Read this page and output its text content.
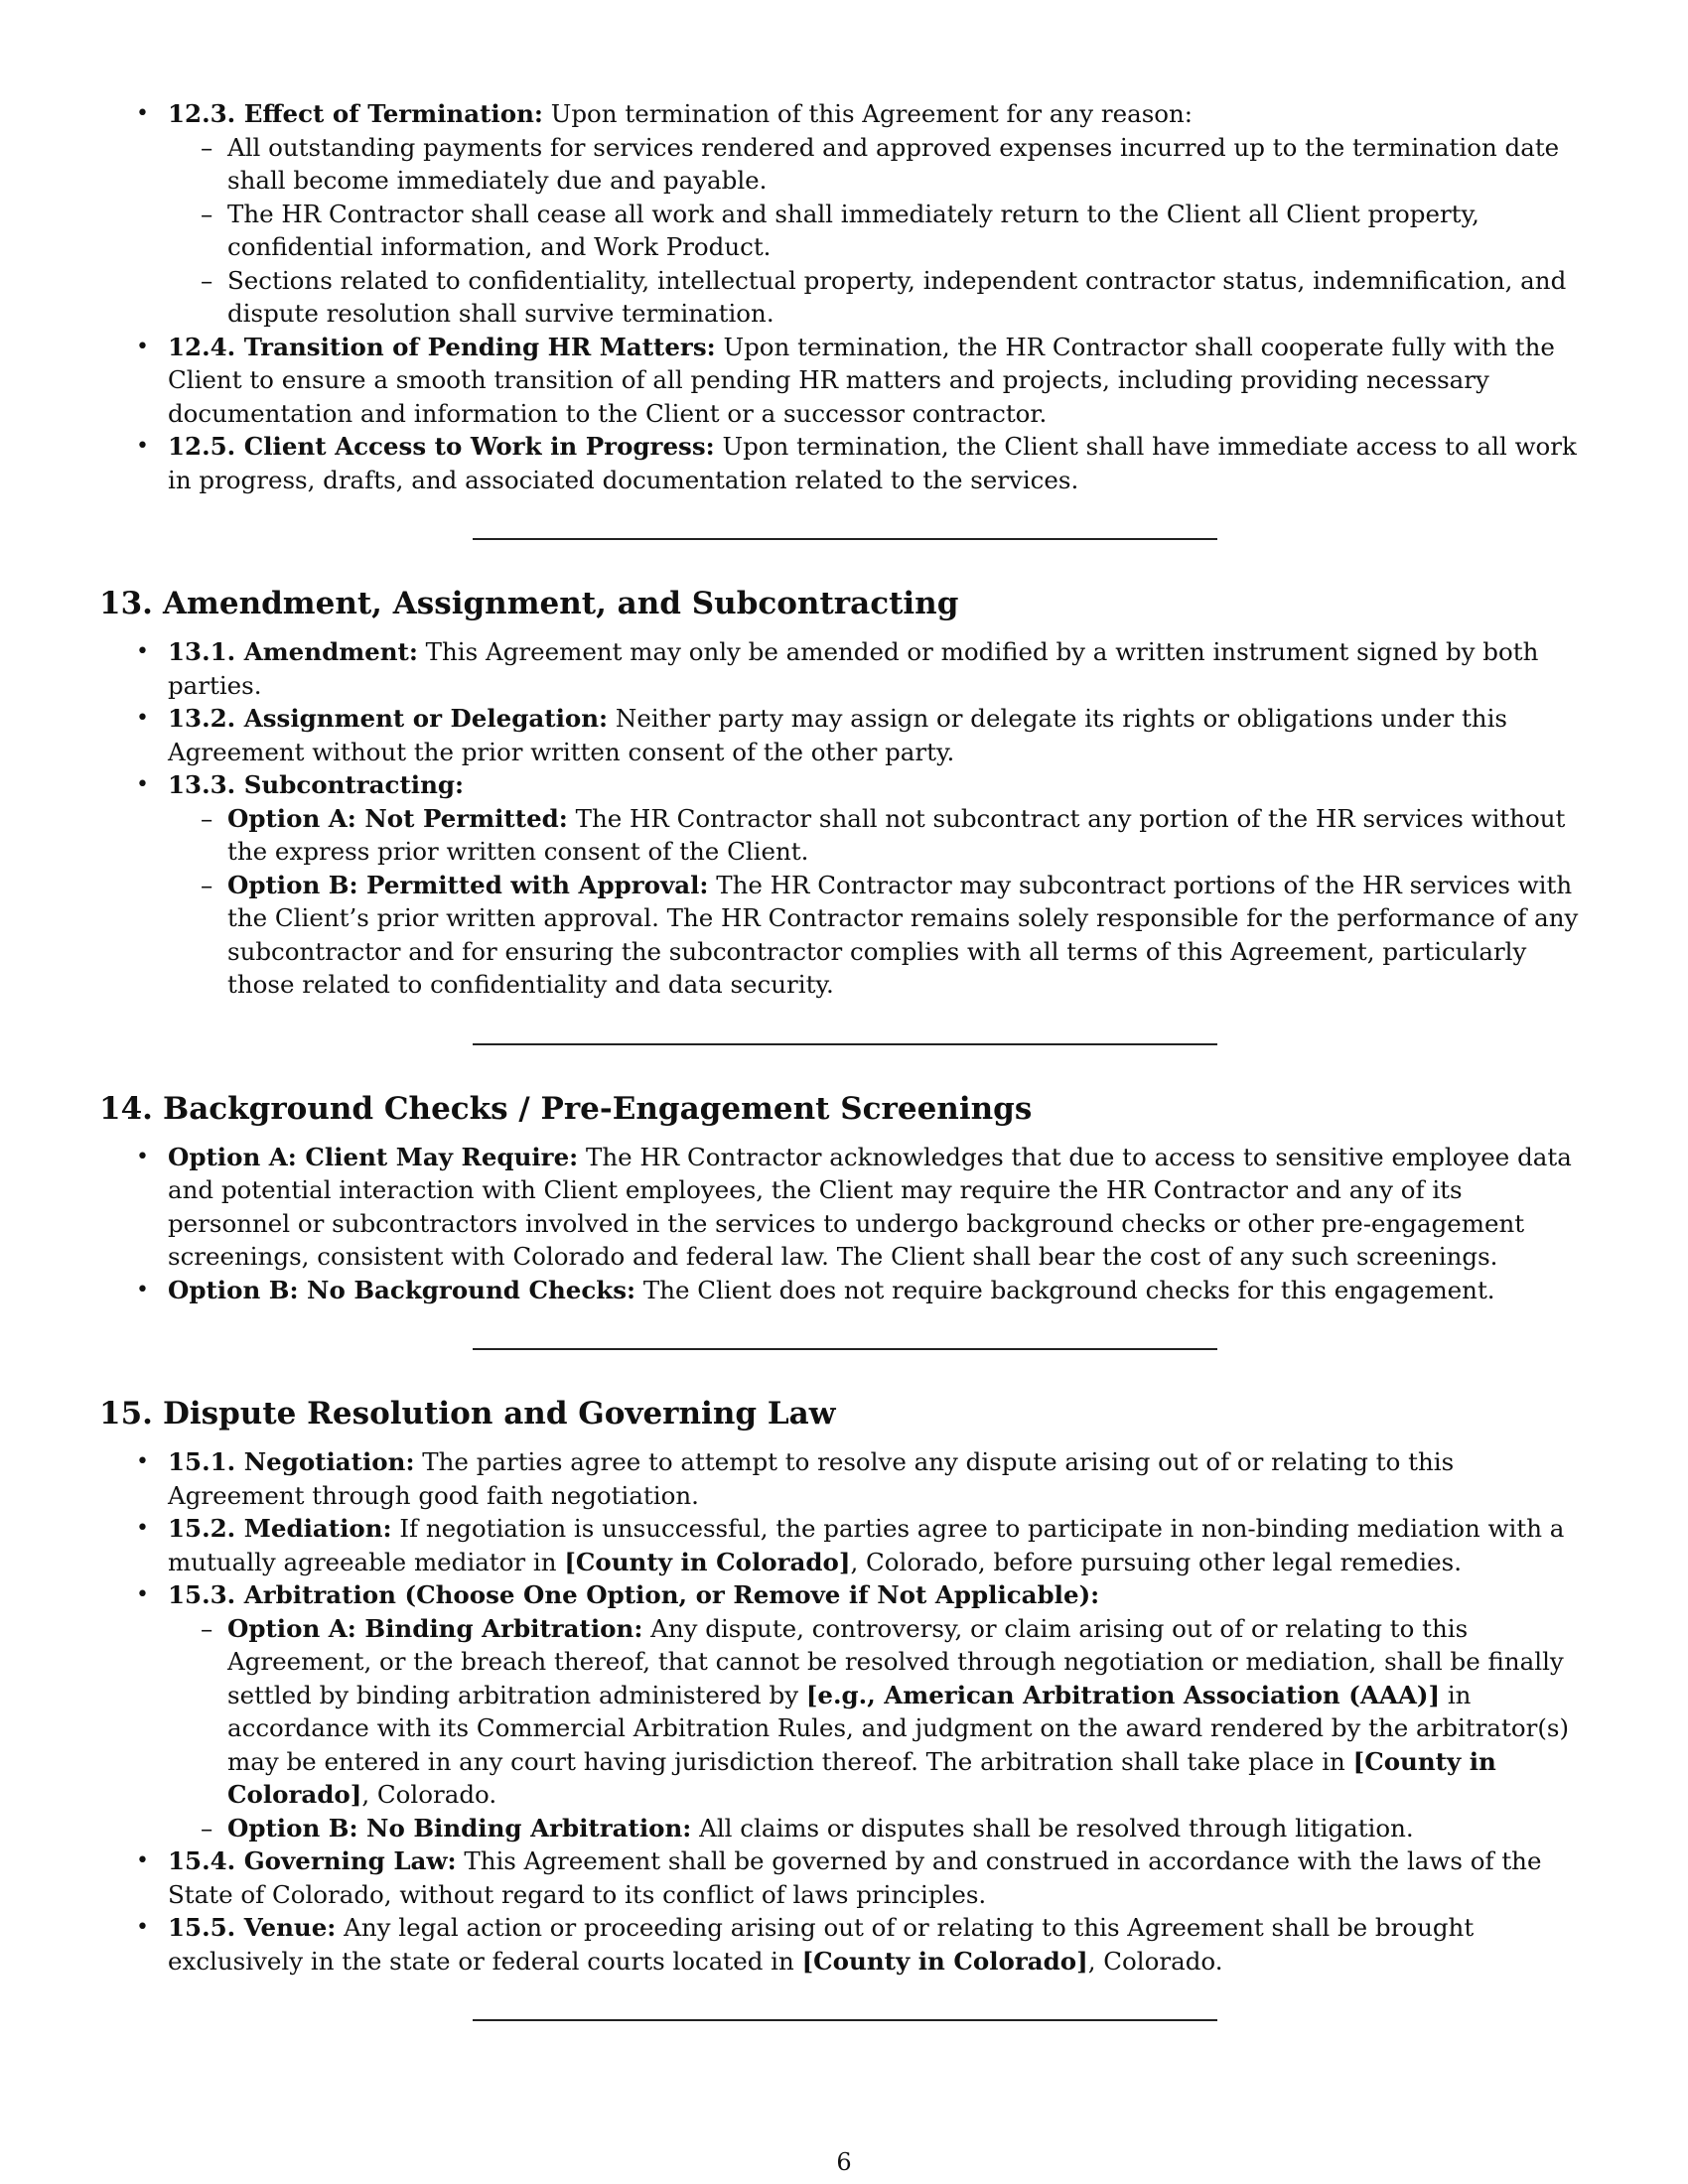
• 12.3. Effect of Termination: Upon termination of this Agreement for any reason:
– All outstanding payments for services rendered and approved expenses incurred up to the termination date shall become immediately due and payable.
– The HR Contractor shall cease all work and shall immediately return to the Client all Client property, confidential information, and Work Product.
– Sections related to confidentiality, intellectual property, independent contractor status, indemnification, and dispute resolution shall survive termination.
• 12.4. Transition of Pending HR Matters: Upon termination, the HR Contractor shall cooperate fully with the Client to ensure a smooth transition of all pending HR matters and projects, including providing necessary documentation and information to the Client or a successor contractor.
• 12.5. Client Access to Work in Progress: Upon termination, the Client shall have immediate access to all work in progress, drafts, and associated documentation related to the services.
13. Amendment, Assignment, and Subcontracting
• 13.1. Amendment: This Agreement may only be amended or modified by a written instrument signed by both parties.
• 13.2. Assignment or Delegation: Neither party may assign or delegate its rights or obligations under this Agreement without the prior written consent of the other party.
• 13.3. Subcontracting:
– Option A: Not Permitted: The HR Contractor shall not subcontract any portion of the HR services without the express prior written consent of the Client.
– Option B: Permitted with Approval: The HR Contractor may subcontract portions of the HR services with the Client’s prior written approval. The HR Contractor remains solely responsible for the performance of any subcontractor and for ensuring the subcontractor complies with all terms of this Agreement, particularly those related to confidentiality and data security.
14. Background Checks / Pre-Engagement Screenings
• Option A: Client May Require: The HR Contractor acknowledges that due to access to sensitive employee data and potential interaction with Client employees, the Client may require the HR Contractor and any of its personnel or subcontractors involved in the services to undergo background checks or other pre-engagement screenings, consistent with Colorado and federal law. The Client shall bear the cost of any such screenings.
• Option B: No Background Checks: The Client does not require background checks for this engagement.
15. Dispute Resolution and Governing Law
• 15.1. Negotiation: The parties agree to attempt to resolve any dispute arising out of or relating to this Agreement through good faith negotiation.
• 15.2. Mediation: If negotiation is unsuccessful, the parties agree to participate in non-binding mediation with a mutually agreeable mediator in [County in Colorado], Colorado, before pursuing other legal remedies.
• 15.3. Arbitration (Choose One Option, or Remove if Not Applicable):
– Option A: Binding Arbitration: Any dispute, controversy, or claim arising out of or relating to this Agreement, or the breach thereof, that cannot be resolved through negotiation or mediation, shall be finally settled by binding arbitration administered by [e.g., American Arbitration Association (AAA)] in accordance with its Commercial Arbitration Rules, and judgment on the award rendered by the arbitrator(s) may be entered in any court having jurisdiction thereof. The arbitration shall take place in [County in Colorado], Colorado.
– Option B: No Binding Arbitration: All claims or disputes shall be resolved through litigation.
• 15.4. Governing Law: This Agreement shall be governed by and construed in accordance with the laws of the State of Colorado, without regard to its conflict of laws principles.
• 15.5. Venue: Any legal action or proceeding arising out of or relating to this Agreement shall be brought exclusively in the state or federal courts located in [County in Colorado], Colorado.
6
